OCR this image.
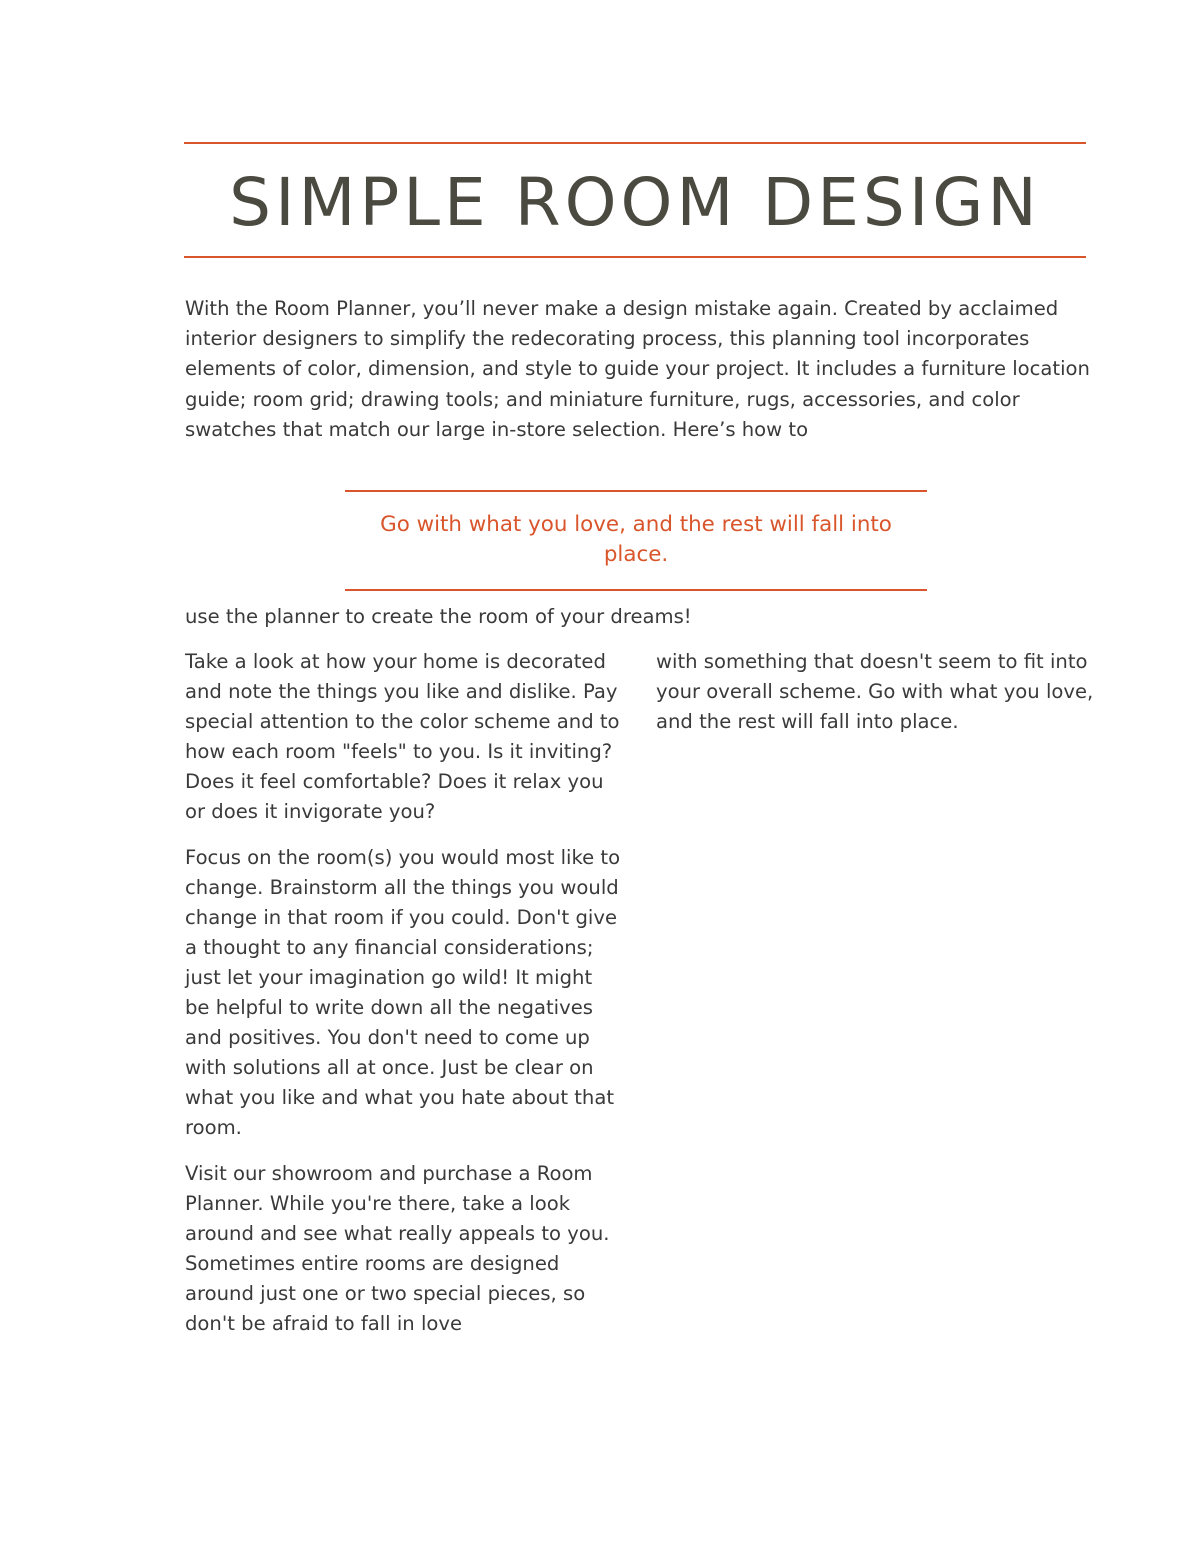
SIMPLE ROOM DESIGN
With the Room Planner, you’ll never make a design mistake again. Created by acclaimed interior designers to simplify the redecorating process, this planning tool incorporates elements of color, dimension, and style to guide your project. It includes a furniture location guide; room grid; drawing tools; and miniature furniture, rugs, accessories, and color swatches that match our large in-store selection. Here’s how to
Go with what you love, and the rest will fall into place.
use the planner to create the room of your dreams!

Take a look at how your home is decorated and note the things you like and dislike. Pay special attention to the color scheme and to how each room "feels" to you. Is it inviting? Does it feel comfortable? Does it relax you or does it invigorate you?

Focus on the room(s) you would most like to change. Brainstorm all the things you would change in that room if you could. Don't give a thought to any financial considerations; just let your imagination go wild! It might be helpful to write down all the negatives and positives. You don't need to come up with solutions all at once. Just be clear on what you like and what you hate about that room.

Visit our showroom and purchase a Room Planner. While you're there, take a look around and see what really appeals to you. Sometimes entire rooms are designed around just one or two special pieces, so don't be afraid to fall in love

with something that doesn't seem to fit into your overall scheme. Go with what you love, and the rest will fall into place.
